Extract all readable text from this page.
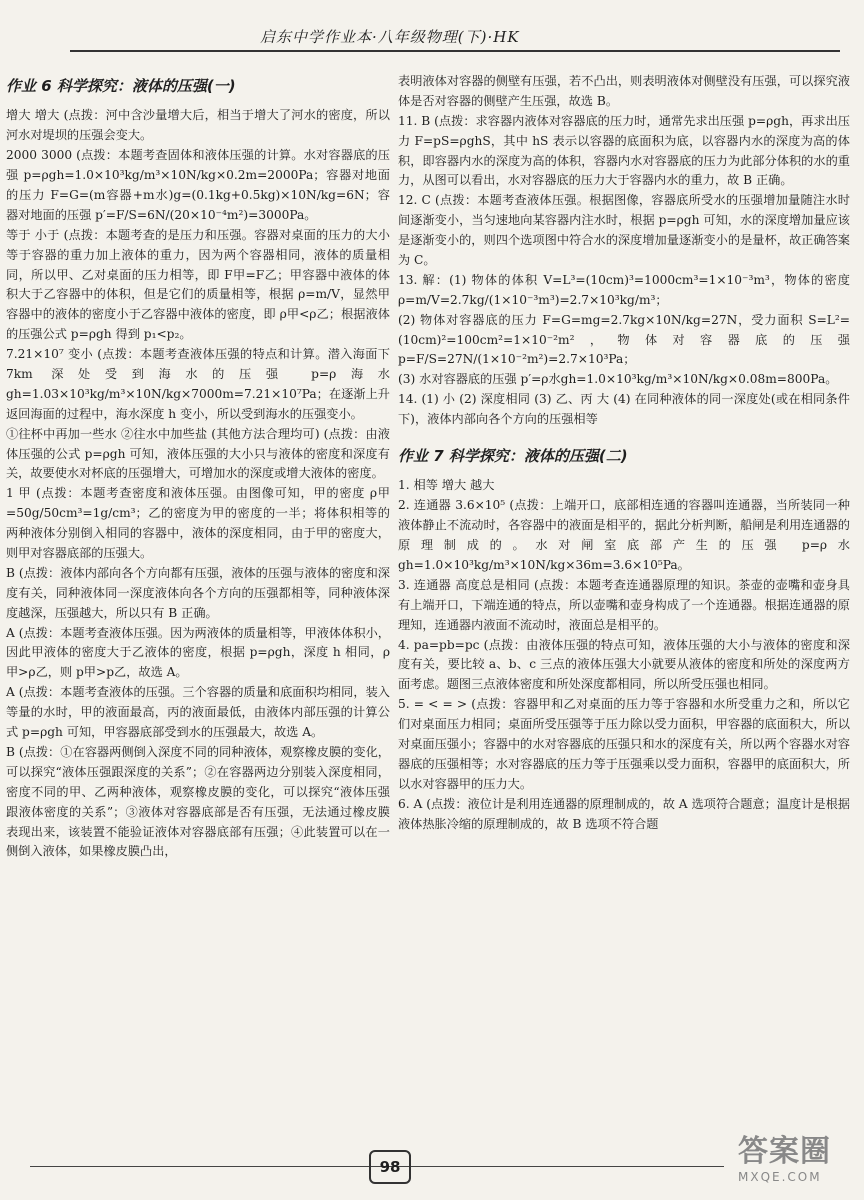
启东中学作业本·八年级物理(下)·HK
作业 6 科学探究：液体的压强(一)

增大 增大 (点拨：河中含沙量增大后，相当于增大了河水的密度，所以河水对堤坝的压强会变大。

2000 3000 (点拨：本题考查固体和液体压强的计算。水对容器底的压强 p=ρgh=1.0×10³kg/m³×10N/kg×0.2m=2000Pa；容器对地面的压力 F=G=(m容器+m水)g=(0.1kg+0.5kg)×10N/kg=6N；容器对地面的压强 p′=F/S=6N/(20×10⁻⁴m²)=3000Pa。

等于 小于 (点拨：本题考查的是压力和压强。容器对桌面的压力的大小等于容器的重力加上液体的重力，因为两个容器相同，液体的质量相同，所以甲、乙对桌面的压力相等，即 F甲=F乙；甲容器中液体的体积大于乙容器中的体积，但是它们的质量相等，根据 ρ=m/V，显然甲容器中的液体的密度小于乙容器中液体的密度，即 ρ甲<ρ乙；根据液体的压强公式 p=ρgh 得到 p₁<p₂。

7.21×10⁷ 变小 (点拨：本题考查液体压强的特点和计算。潜入海面下 7km 深处受到海水的压强 p=ρ海水gh=1.03×10³kg/m³×10N/kg×7000m=7.21×10⁷Pa；在逐渐上升返回海面的过程中，海水深度 h 变小，所以受到海水的压强变小。

①往杯中再加一些水 ②往水中加些盐 (其他方法合理均可) (点拨：由液体压强的公式 p=ρgh 可知，液体压强的大小只与液体的密度和深度有关，故要使水对杯底的压强增大，可增加水的深度或增大液体的密度。

1 甲 (点拨：本题考查密度和液体压强。由图像可知，甲的密度 ρ甲=50g/50cm³=1g/cm³；乙的密度为甲的密度的一半；将体积相等的两种液体分别倒入相同的容器中，液体的深度相同，由于甲的密度大，则甲对容器底部的压强大。

B (点拨：液体内部向各个方向都有压强，液体的压强与液体的密度和深度有关，同种液体同一深度液体向各个方向的压强都相等，同种液体深度越深，压强越大，所以只有 B 正确。

A (点拨：本题考查液体压强。因为两液体的质量相等，甲液体体积小，因此甲液体的密度大于乙液体的密度，根据 p=ρgh，深度 h 相同，ρ甲>ρ乙，则 p甲>p乙，故选 A。

A (点拨：本题考查液体的压强。三个容器的质量和底面积均相同，装入等量的水时，甲的液面最高，丙的液面最低，由液体内部压强的计算公式 p=ρgh 可知，甲容器底部受到水的压强最大，故选 A。

B (点拨：①在容器两侧倒入深度不同的同种液体，观察橡皮膜的变化，可以探究“液体压强跟深度的关系”；②在容器两边分别装入深度相同，密度不同的甲、乙两种液体，观察橡皮膜的变化，可以探究“液体压强跟液体密度的关系”；③液体对容器底部是否有压强，无法通过橡皮膜表现出来，该装置不能验证液体对容器底部有压强；④此装置可以在一侧倒入液体，如果橡皮膜凸出，

表明液体对容器的侧壁有压强，若不凸出，则表明液体对侧壁没有压强，可以探究液体是否对容器的侧壁产生压强，故选 B。

11. B (点拨：求容器内液体对容器底的压力时，通常先求出压强 p=ρgh，再求出压力 F=pS=ρghS，其中 hS 表示以容器的底面积为底，以容器内水的深度为高的体积，即容器内水的深度为高的体积，容器内水对容器底的压力为此部分体积的水的重力，从图可以看出，水对容器底的压力大于容器内水的重力，故 B 正确。

12. C (点拨：本题考查液体压强。根据图像，容器底所受水的压强增加量随注水时间逐渐变小，当匀速地向某容器内注水时，根据 p=ρgh 可知，水的深度增加量应该是逐渐变小的，则四个选项图中符合水的深度增加量逐渐变小的是量杯，故正确答案为 C。

13. 解：(1) 物体的体积 V=L³=(10cm)³=1000cm³=1×10⁻³m³，物体的密度 ρ=m/V=2.7kg/(1×10⁻³m³)=2.7×10³kg/m³；

(2) 物体对容器底的压力 F=G=mg=2.7kg×10N/kg=27N，受力面积 S=L²=(10cm)²=100cm²=1×10⁻²m²，物体对容器底的压强 p=F/S=27N/(1×10⁻²m²)=2.7×10³Pa；

(3) 水对容器底的压强 p′=ρ水gh=1.0×10³kg/m³×10N/kg×0.08m=800Pa。

14. (1) 小 (2) 深度相同 (3) 乙、丙 大 (4) 在同种液体的同一深度处(或在相同条件下)，液体内部向各个方向的压强相等

作业 7 科学探究：液体的压强(二)

1. 相等 增大 越大

2. 连通器 3.6×10⁵ (点拨：上端开口，底部相连通的容器叫连通器，当所装同一种液体静止不流动时，各容器中的液面是相平的，据此分析判断，船闸是利用连通器的原理制成的。水对闸室底部产生的压强 p=ρ水gh=1.0×10³kg/m³×10N/kg×36m=3.6×10⁵Pa。

3. 连通器 高度总是相同 (点拨：本题考查连通器原理的知识。茶壶的壶嘴和壶身具有上端开口，下端连通的特点，所以壶嘴和壶身构成了一个连通器。根据连通器的原理知，连通器内液面不流动时，液面总是相平的。

4. pa=pb=pc (点拨：由液体压强的特点可知，液体压强的大小与液体的密度和深度有关，要比较 a、b、c 三点的液体压强大小就要从液体的密度和所处的深度两方面考虑。题图三点液体密度和所处深度都相同，所以所受压强也相同。

5. = < = > (点拨：容器甲和乙对桌面的压力等于容器和水所受重力之和，所以它们对桌面压力相同；桌面所受压强等于压力除以受力面积，甲容器的底面积大，所以对桌面压强小；容器中的水对容器底的压强只和水的深度有关，所以两个容器水对容器底的压强相等；水对容器底的压力等于压强乘以受力面积，容器甲的底面积大，所以水对容器甲的压力大。

6. A (点拨：液位计是利用连通器的原理制成的，故 A 选项符合题意；温度计是根据液体热胀冷缩的原理制成的，故 B 选项不符合题

98	答案圈
MXQE.COM
